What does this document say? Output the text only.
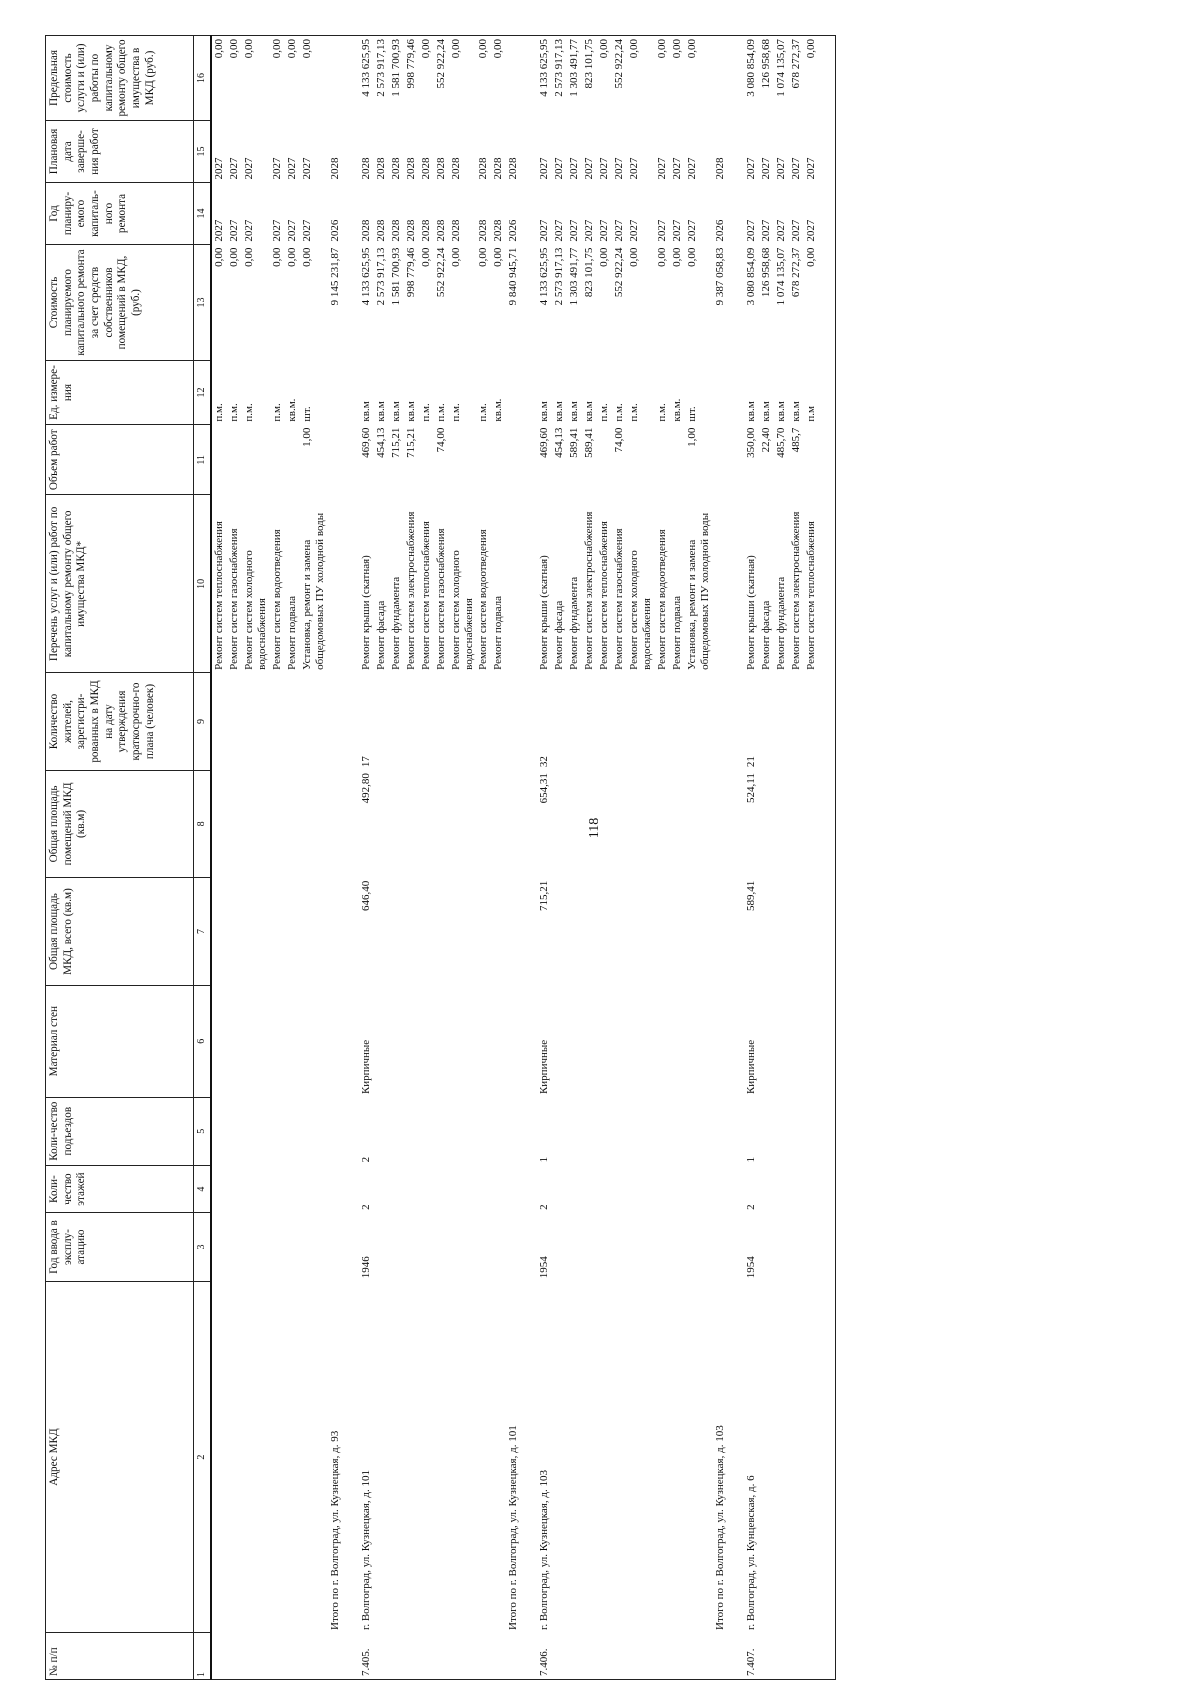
118
№ п/п	Адрес МКД	Год ввода в эксплу-атацию	Коли-чество этажей	Коли-чество подъездов	Материал стен	Общая площадь МКД, всего (кв.м)	Общая площадь помещений МКД (кв.м)	Количество жителей, зарегистри-рованных в МКД на дату утверждения краткосрочно-го плана (человек)	Перечень услуг и (или) работ по капитальному ремонту общего имущества МКД*	Объем работ	Ед. измере-ния	Стоимость планируемого капитального ремонта за счет средств собственников помещений в МКД, (руб.)	Год планиру-емого капиталь-ного ремонта	Плановая дата заверше-ния работ	Предельная стоимость услуги и (или) работы по капитальному ремонту общего имущества в МКД (руб.)
1	2	3	4	5	6	7	8	9	10	11	12	13	14	15	16
									Ремонт систем теплоснабжения		п.м.	0,00	2027	2027	0,00
									Ремонт систем газоснабжения		п.м.	0,00	2027	2027	0,00
									Ремонт систем холодного водоснабжения		п.м.	0,00	2027	2027	0,00
									Ремонт систем водоотведения		п.м.	0,00	2027	2027	0,00
									Ремонт подвала		кв.м.	0,00	2027	2027	0,00
									Установка, ремонт и замена общедомовых ПУ холодной воды	1,00	шт.	0,00	2027	2027	0,00
	Итого по г. Волгоград, ул. Кузнецкая, д. 93											9 145 231,87	2026	2028	

7.405.	г. Волгоград, ул. Кузнецкая, д. 101	1946	2	2	Кирпичные	646,40	492,80	17	Ремонт крыши (скатная)	469,60	кв.м	4 133 625,95	2028	2028	4 133 625,95
									Ремонт фасада	454,13	кв.м	2 573 917,13	2028	2028	2 573 917,13
									Ремонт фундамента	715,21	кв.м	1 581 700,93	2028	2028	1 581 700,93
									Ремонт систем электроснабжения	715,21	кв.м	998 779,46	2028	2028	998 779,46
									Ремонт систем теплоснабжения		п.м.	0,00	2028	2028	0,00
									Ремонт систем газоснабжения	74,00	п.м.	552 922,24	2028	2028	552 922,24
									Ремонт систем холодного водоснабжения		п.м.	0,00	2028	2028	0,00
									Ремонт систем водоотведения		п.м.	0,00	2028	2028	0,00
									Ремонт подвала		кв.м.	0,00	2028	2028	0,00
	Итого по г. Волгоград, ул. Кузнецкая, д. 101											9 840 945,71	2026	2028	

7.406.	г. Волгоград, ул. Кузнецкая, д. 103	1954	2	1	Кирпичные	715,21	654,31	32	Ремонт крыши (скатная)	469,60	кв.м	4 133 625,95	2027	2027	4 133 625,95
									Ремонт фасада	454,13	кв.м	2 573 917,13	2027	2027	2 573 917,13
									Ремонт фундамента	589,41	кв.м	1 303 491,77	2027	2027	1 303 491,77
									Ремонт систем электроснабжения	589,41	кв.м	823 101,75	2027	2027	823 101,75
									Ремонт систем теплоснабжения		п.м.	0,00	2027	2027	0,00
									Ремонт систем газоснабжения	74,00	п.м.	552 922,24	2027	2027	552 922,24
									Ремонт систем холодного водоснабжения		п.м.	0,00	2027	2027	0,00
									Ремонт систем водоотведения		п.м.	0,00	2027	2027	0,00
									Ремонт подвала		кв.м.	0,00	2027	2027	0,00
									Установка, ремонт и замена общедомовых ПУ холодной воды	1,00	шт.	0,00	2027	2027	0,00
	Итого по г. Волгоград, ул. Кузнецкая, д. 103											9 387 058,83	2026	2028	

7.407.	г. Волгоград, ул. Кунцевская, д. 6	1954	2	1	Кирпичные	589,41	524,11	21	Ремонт крыши (скатная)	350,00	кв.м	3 080 854,09	2027	2027	3 080 854,09
									Ремонт фасада	22,40	кв.м	126 958,68	2027	2027	126 958,68
									Ремонт фундамента	485,70	кв.м	1 074 135,07	2027	2027	1 074 135,07
									Ремонт систем электроснабжения	485,7	кв.м	678 272,37	2027	2027	678 272,37
									Ремонт систем теплоснабжения		п.м	0,00	2027	2027	0,00
